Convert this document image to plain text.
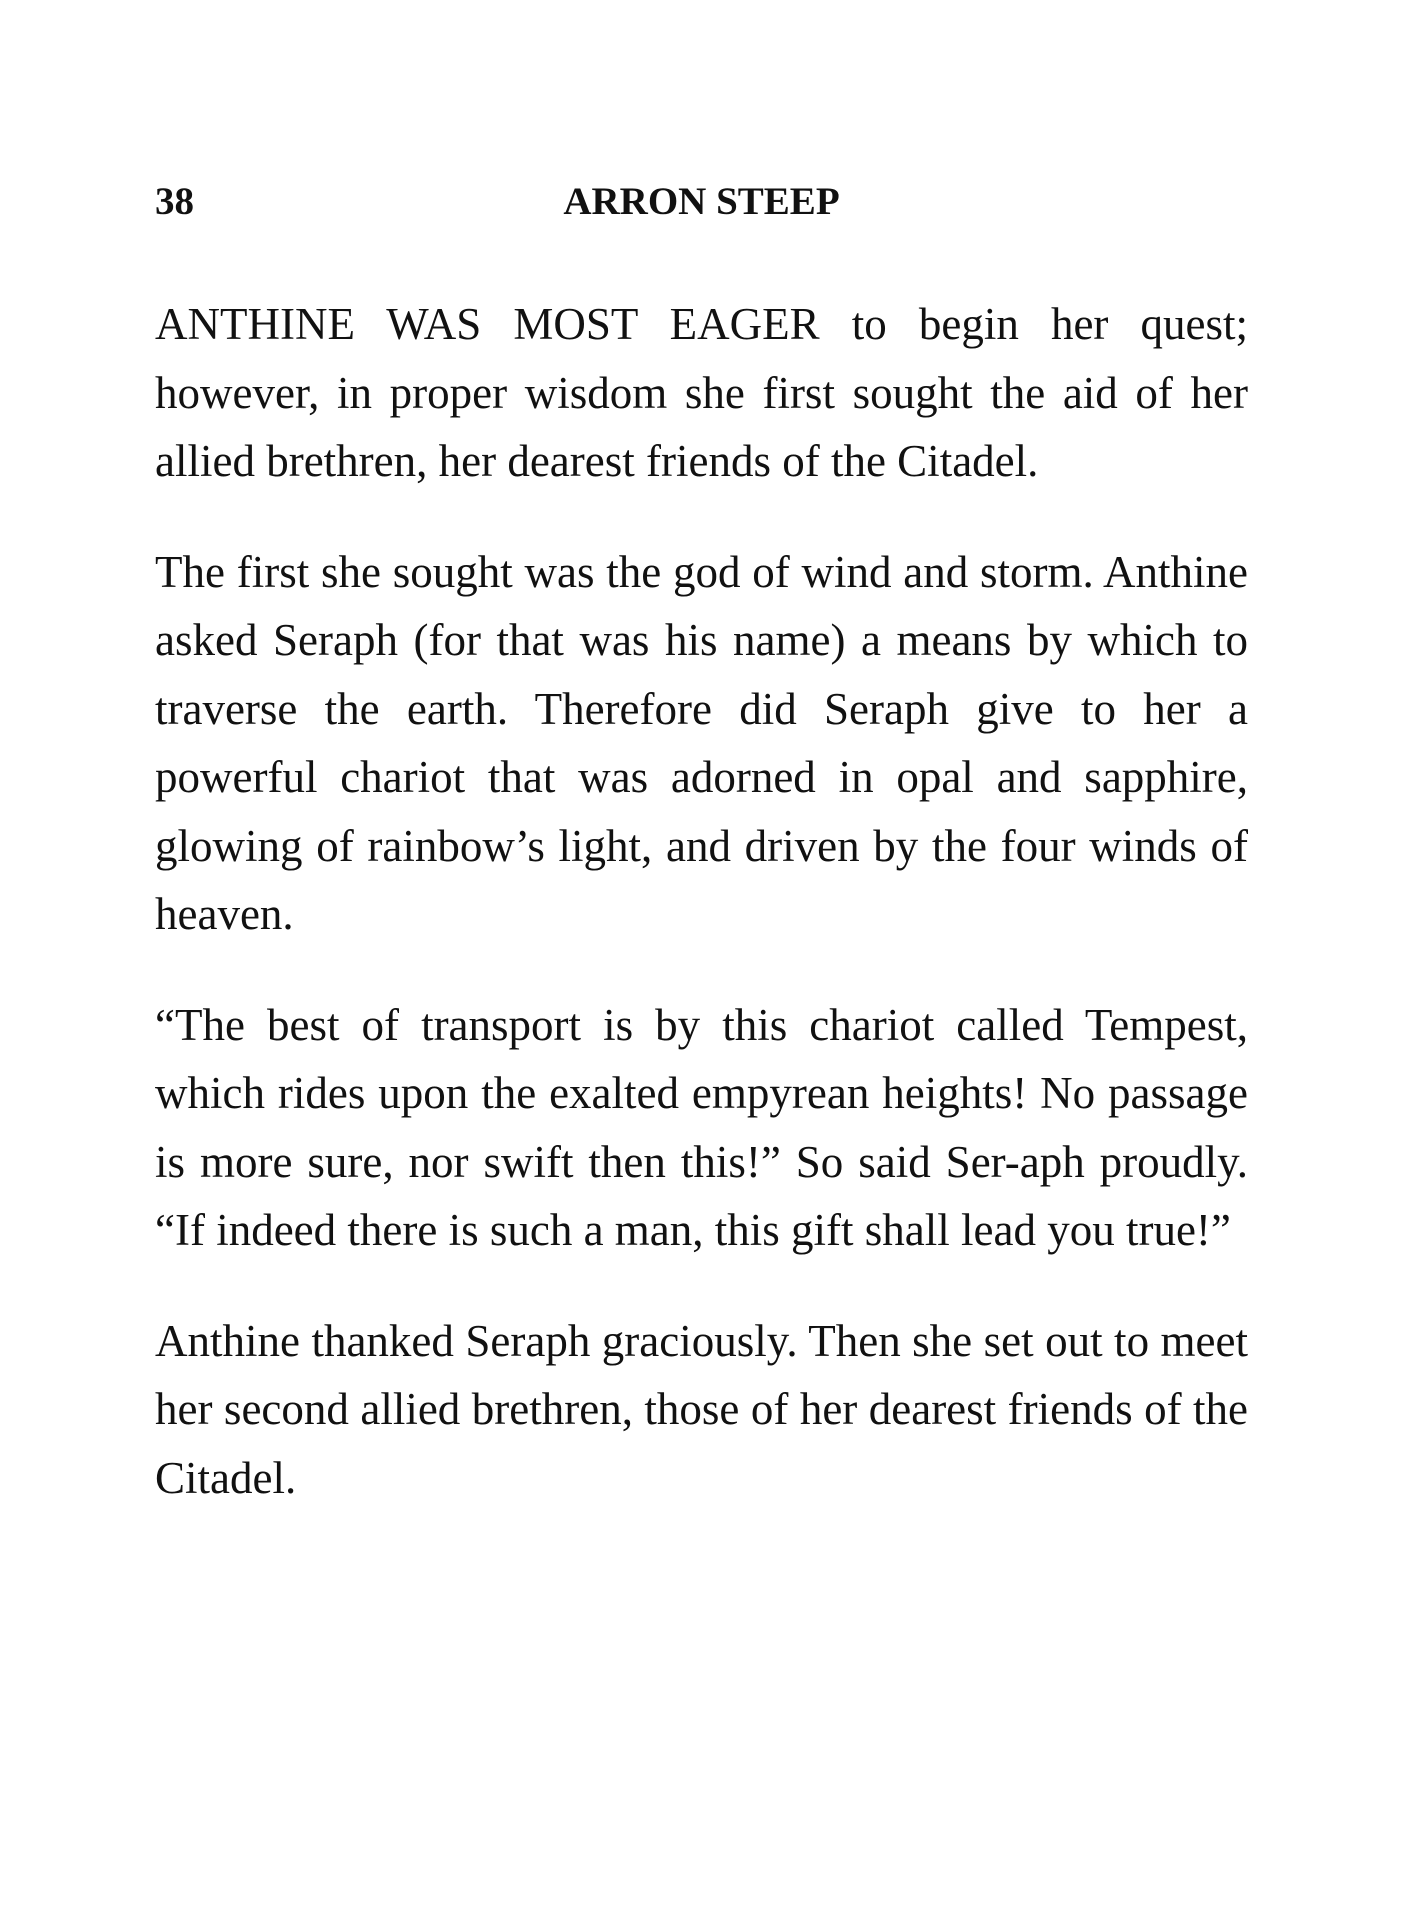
38	ARRON STEEP

ANTHINE WAS MOST EAGER to begin her quest; however, in proper wisdom she first sought the aid of her allied brethren, her dearest friends of the Citadel.

The first she sought was the god of wind and storm. Anthine asked Seraph (for that was his name) a means by which to traverse the earth. Therefore did Seraph give to her a powerful chariot that was adorned in opal and sapphire, glowing of rainbow’s light, and driven by the four winds of heaven.

“The best of transport is by this chariot called Tempest, which rides upon the exalted empyrean heights! No passage is more sure, nor swift then this!” So said Ser-aph proudly. “If indeed there is such a man, this gift shall lead you true!”

Anthine thanked Seraph graciously. Then she set out to meet her second allied brethren, those of her dearest friends of the Citadel.
